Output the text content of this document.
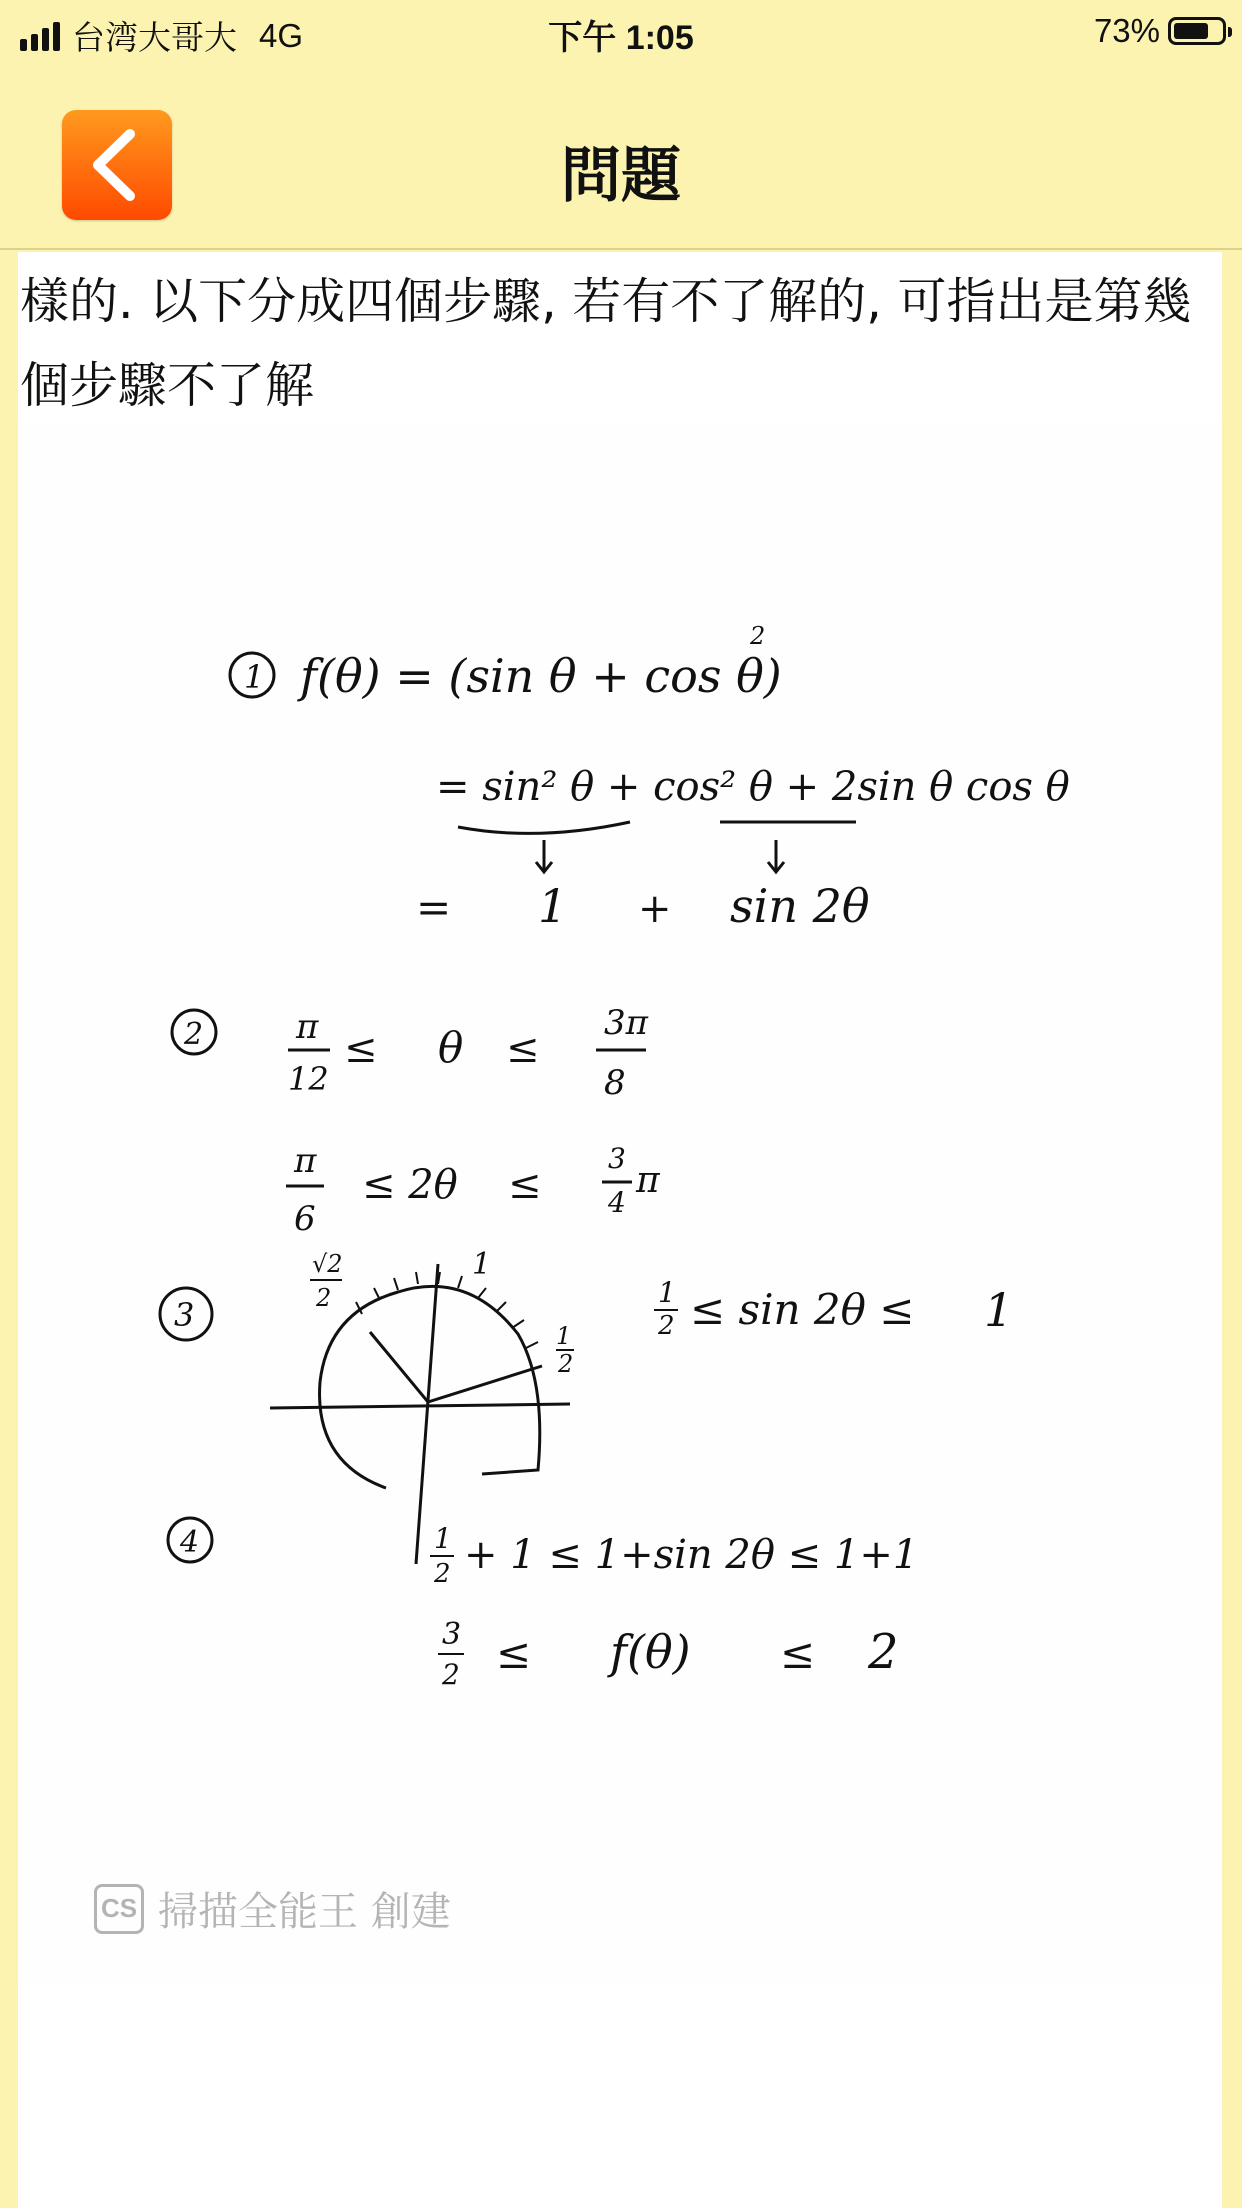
台湾大哥大 4G	下午 1:05	73%
問題

樣的. 以下分成四個步驟, 若有不了解的, 可指出是第幾個步驟不了解

1 f(θ) = (sin θ + cos θ)
2
= sin² θ + cos² θ + 2sin θ cos θ
= 1 + sin 2θ
2	π
12
≤ θ ≤
3π
8
π
6
≤ 2θ ≤
3
4
π
3
√2
2
1
1
2
1
2 ≤ sin 2θ ≤ 1
4	1
2 + 1 ≤ 1+sin 2θ ≤ 1+1
3
2 ≤ f(θ) ≤ 2
CS 掃描全能王 創建
